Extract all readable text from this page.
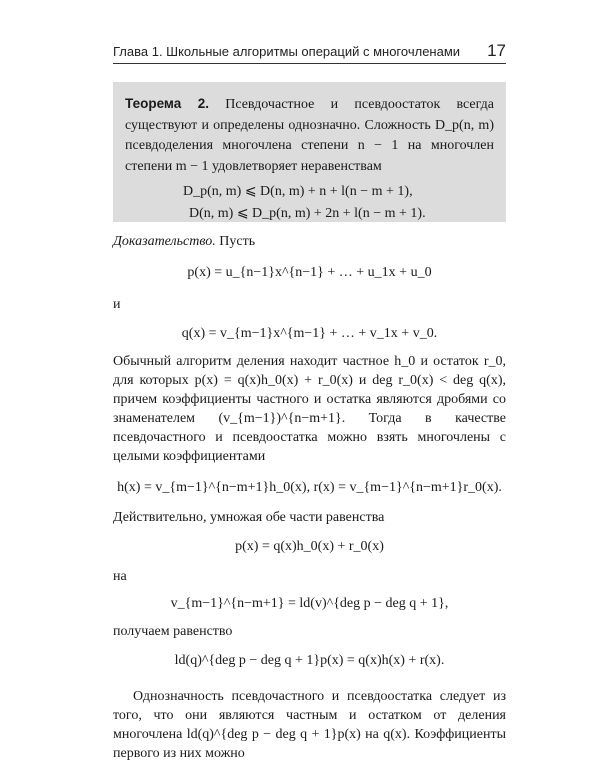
Глава 1. Школьные алгоритмы операций с многочленами 17
Теорема 2. Псевдочастное и псевдоостаток всегда существуют и определены однозначно. Сложность D_p(n, m) псевдоделения многочлена степени n − 1 на многочлен степени m − 1 удовлетворяет неравенствам
D_p(n, m) ⩽ D(n, m) + n + l(n − m + 1),
D(n, m) ⩽ D_p(n, m) + 2n + l(n − m + 1).
Доказательство. Пусть
p(x) = u_{n−1}x^{n−1} + … + u_1x + u_0
и
q(x) = v_{m−1}x^{m−1} + … + v_1x + v_0.
Обычный алгоритм деления находит частное h_0 и остаток r_0, для которых p(x) = q(x)h_0(x) + r_0(x) и deg r_0(x) < deg q(x), причем коэффициенты частного и остатка являются дробями со знаменателем (v_{m−1})^{n−m+1}. Тогда в качестве псевдочастного и псевдоостатка можно взять многочлены с целыми коэффициентами
h(x) = v_{m−1}^{n−m+1}h_0(x), r(x) = v_{m−1}^{n−m+1}r_0(x).
Действительно, умножая обе части равенства
p(x) = q(x)h_0(x) + r_0(x)
на
v_{m−1}^{n−m+1} = ld(v)^{deg p − deg q + 1},
получаем равенство
ld(q)^{deg p − deg q + 1}p(x) = q(x)h(x) + r(x).
Однозначность псевдочастного и псевдоостатка следует из того, что они являются частным и остатком от деления многочлена ld(q)^{deg p − deg q + 1}p(x) на q(x). Коэффициенты первого из них можно
